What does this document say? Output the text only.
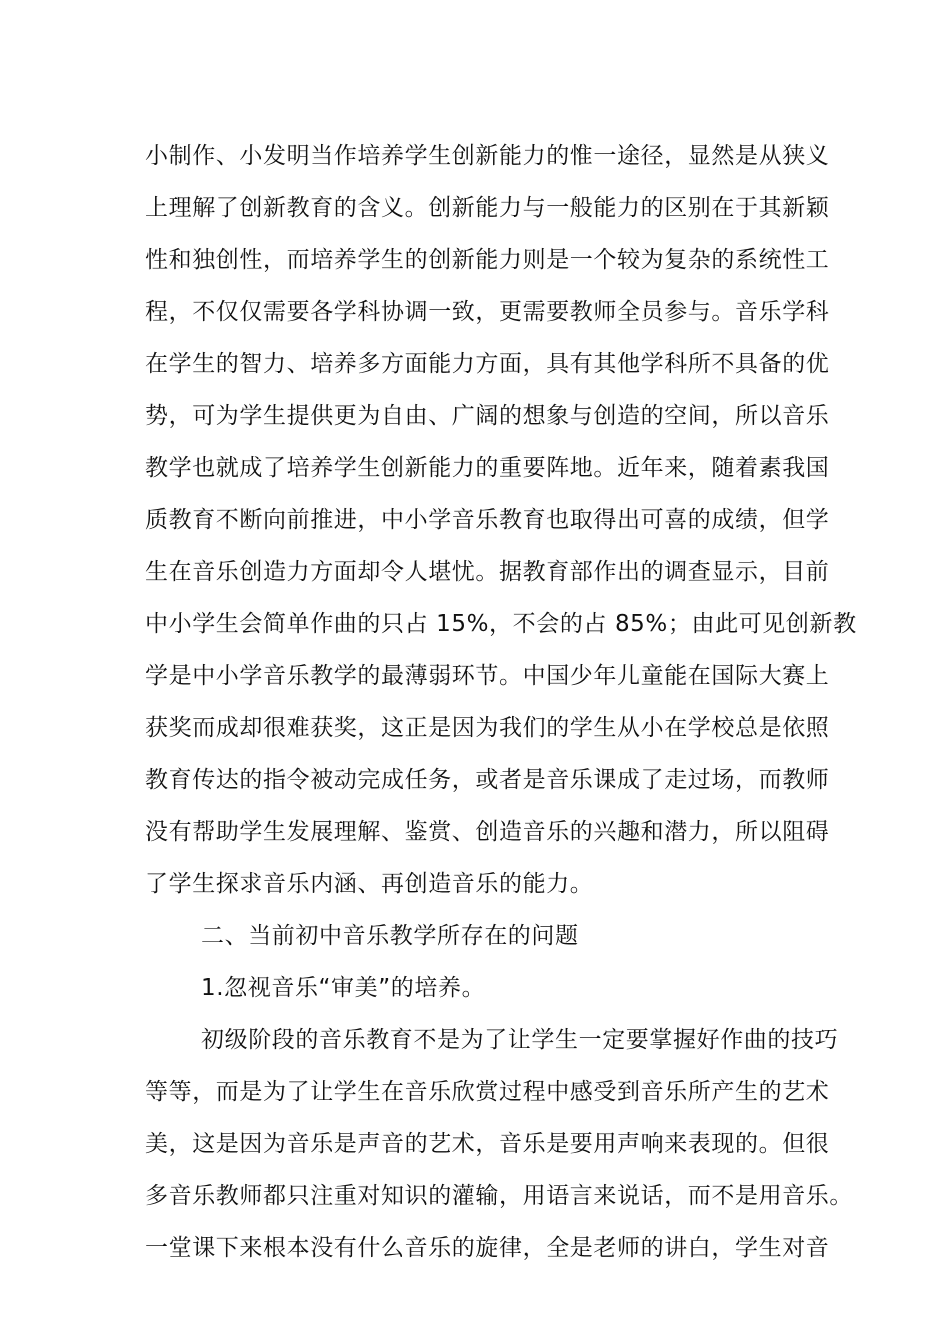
小制作、小发明当作培养学生创新能力的惟一途径，显然是从狭义
上理解了创新教育的含义。创新能力与一般能力的区别在于其新颖
性和独创性，而培养学生的创新能力则是一个较为复杂的系统性工
程，不仅仅需要各学科协调一致，更需要教师全员参与。音乐学科
在学生的智力、培养多方面能力方面，具有其他学科所不具备的优
势，可为学生提供更为自由、广阔的想象与创造的空间，所以音乐
教学也就成了培养学生创新能力的重要阵地。近年来，随着素我国
质教育不断向前推进，中小学音乐教育也取得出可喜的成绩，但学
生在音乐创造力方面却令人堪忧。据教育部作出的调查显示，目前
中小学生会简单作曲的只占 15%，不会的占 85%；由此可见创新教
学是中小学音乐教学的最薄弱环节。中国少年儿童能在国际大赛上
获奖而成却很难获奖，这正是因为我们的学生从小在学校总是依照
教育传达的指令被动完成任务，或者是音乐课成了走过场，而教师
没有帮助学生发展理解、鉴赏、创造音乐的兴趣和潜力，所以阻碍
了学生探求音乐内涵、再创造音乐的能力。
二、当前初中音乐教学所存在的问题
1.忽视音乐“审美”的培养。
初级阶段的音乐教育不是为了让学生一定要掌握好作曲的技巧
等等，而是为了让学生在音乐欣赏过程中感受到音乐所产生的艺术
美，这是因为音乐是声音的艺术，音乐是要用声响来表现的。但很
多音乐教师都只注重对知识的灌输，用语言来说话，而不是用音乐。
一堂课下来根本没有什么音乐的旋律，全是老师的讲白，学生对音
